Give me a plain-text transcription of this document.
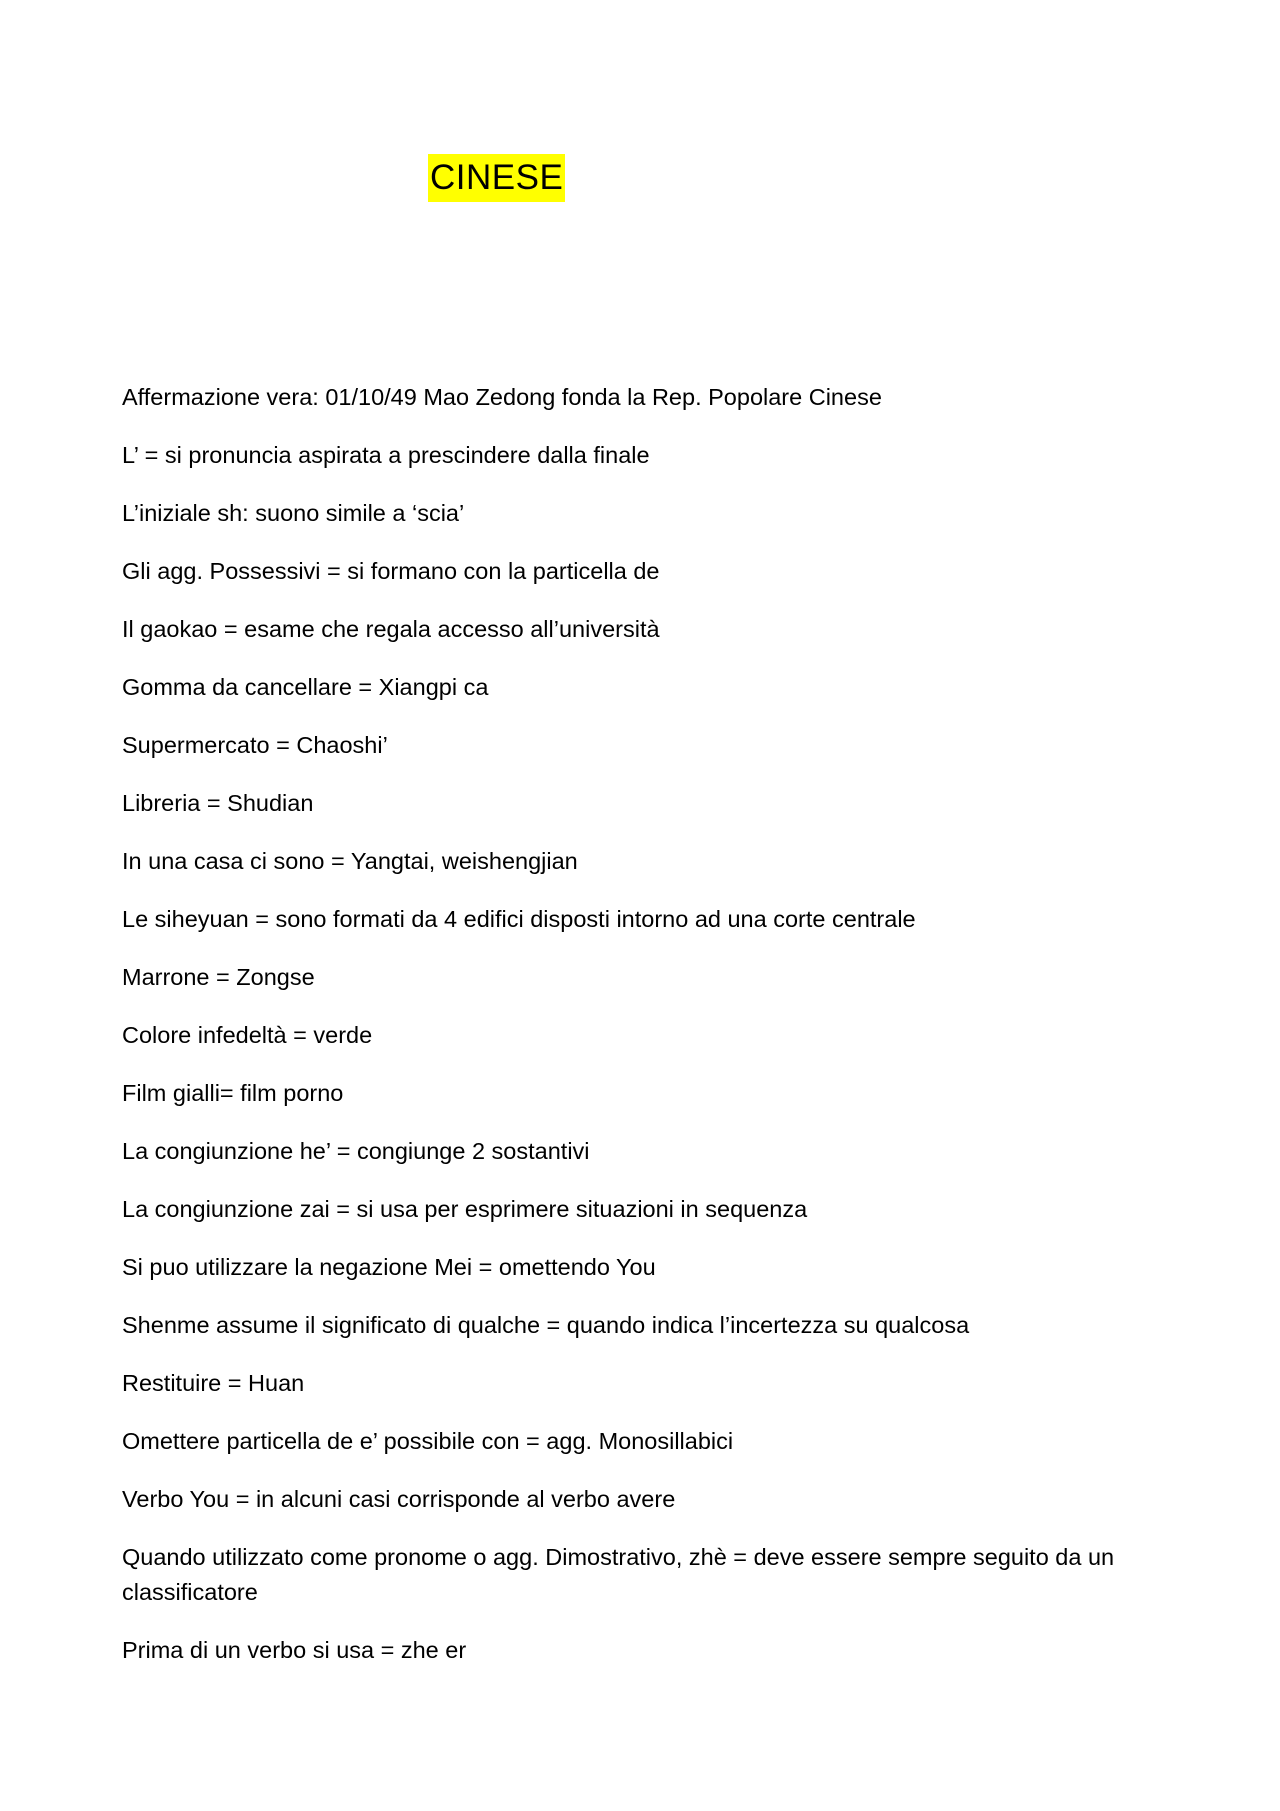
CINESE
Affermazione vera: 01/10/49 Mao Zedong fonda la Rep. Popolare Cinese
L’ = si pronuncia aspirata a prescindere dalla finale
L’iniziale sh: suono simile a ‘scia’
Gli agg. Possessivi = si formano con la particella de
Il gaokao = esame che regala accesso all’università
Gomma da cancellare = Xiangpi ca
Supermercato = Chaoshi’
Libreria = Shudian
In una casa ci sono = Yangtai, weishengjian
Le siheyuan = sono formati da 4 edifici disposti intorno ad una corte centrale
Marrone = Zongse
Colore infedeltà = verde
Film gialli= film porno
La congiunzione he’ = congiunge 2 sostantivi
La congiunzione zai = si usa per esprimere situazioni in sequenza
Si puo utilizzare la negazione Mei = omettendo You
Shenme assume il significato di qualche = quando indica l’incertezza su qualcosa
Restituire = Huan
Omettere particella de e’ possibile con = agg. Monosillabici
Verbo You = in alcuni casi corrisponde al verbo avere
Quando utilizzato come pronome o agg. Dimostrativo, zhè = deve essere sempre seguito da un classificatore
Prima di un verbo si usa = zhe er
